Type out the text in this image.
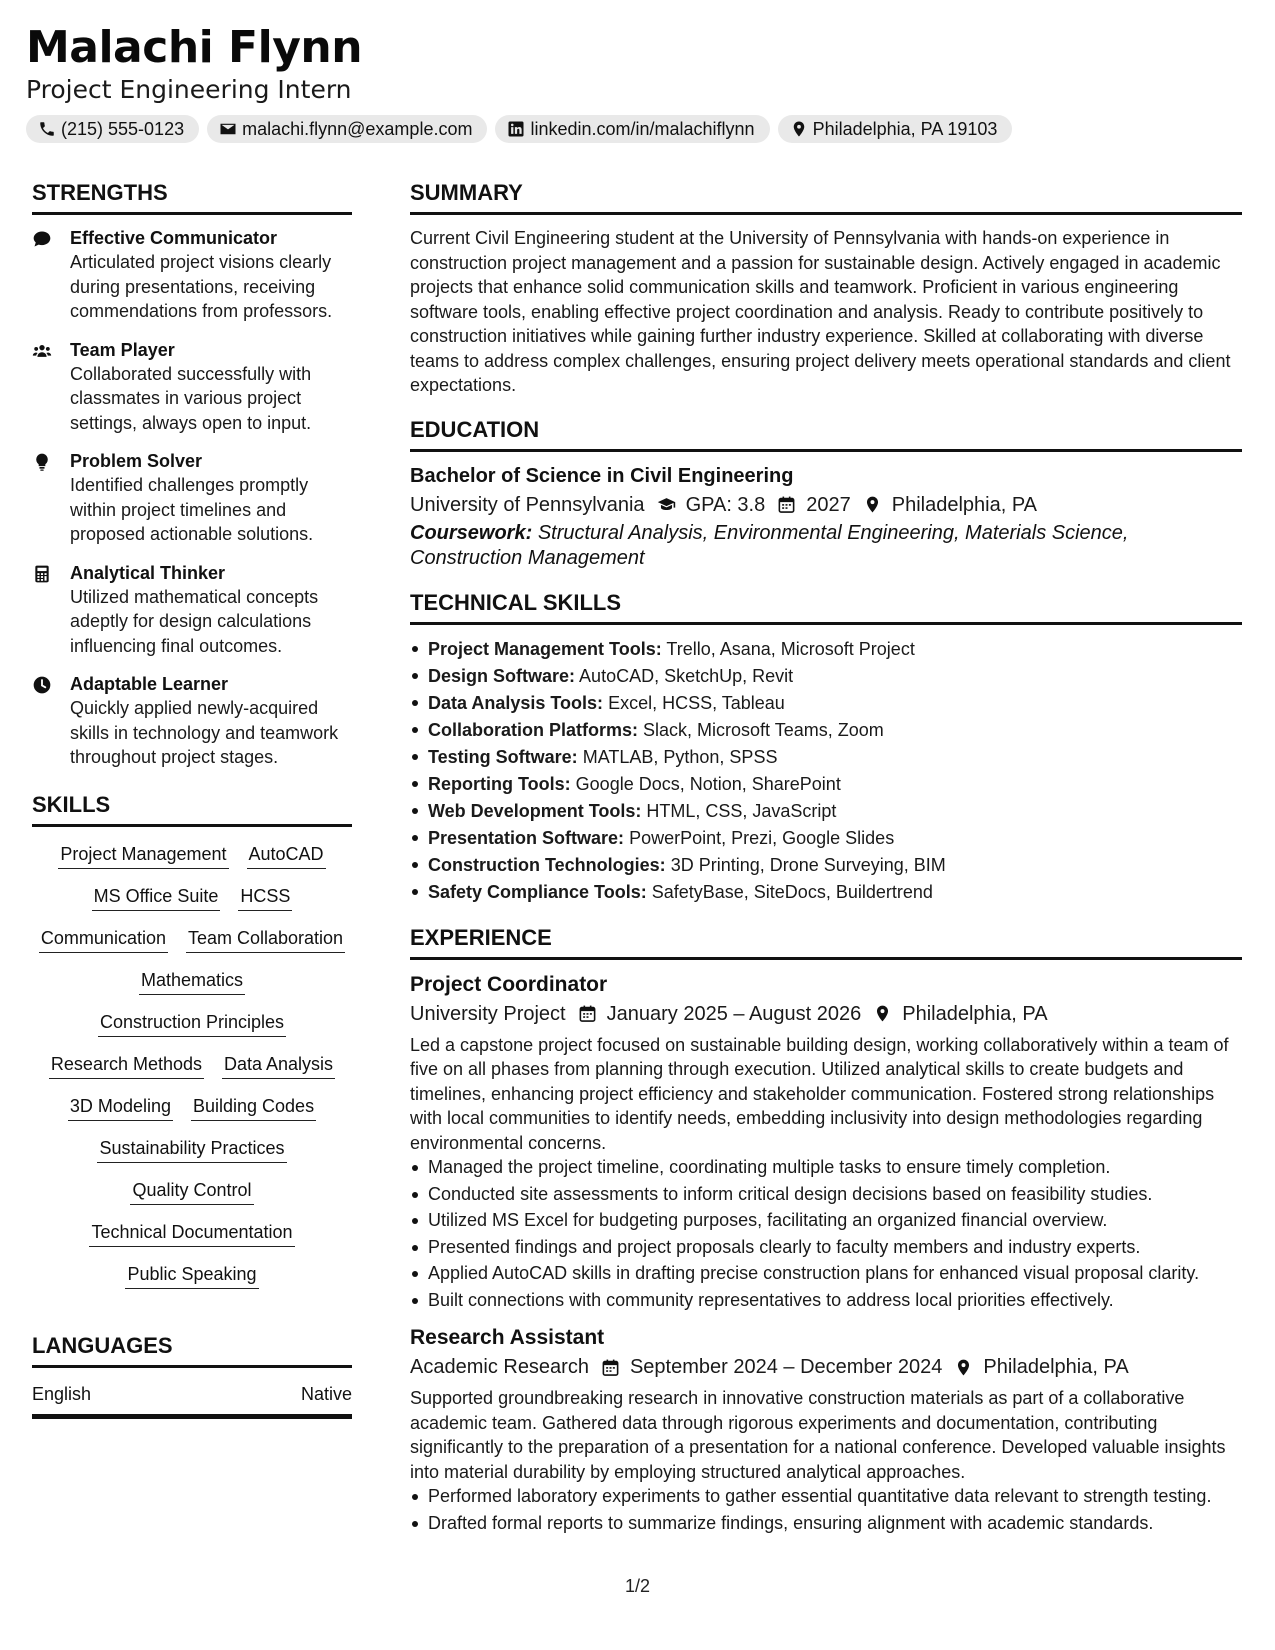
Malachi Flynn
Project Engineering Intern
(215) 555-0123	malachi.flynn@example.com	linkedin.com/in/malachiflynn	Philadelphia, PA 19103
STRENGTHS
Effective Communicator
Articulated project visions clearly during presentations, receiving commendations from professors.
Team Player
Collaborated successfully with classmates in various project settings, always open to input.
Problem Solver
Identified challenges promptly within project timelines and proposed actionable solutions.
Analytical Thinker
Utilized mathematical concepts adeptly for design calculations influencing final outcomes.
Adaptable Learner
Quickly applied newly-acquired skills in technology and teamwork throughout project stages.
SKILLS
Project Management AutoCAD
MS Office Suite HCSS
Communication Team Collaboration
Mathematics
Construction Principles
Research Methods Data Analysis
3D Modeling Building Codes
Sustainability Practices
Quality Control
Technical Documentation
Public Speaking
LANGUAGES
English	Native
SUMMARY
Current Civil Engineering student at the University of Pennsylvania with hands-on experience in construction project management and a passion for sustainable design. Actively engaged in academic projects that enhance solid communication skills and teamwork. Proficient in various engineering software tools, enabling effective project coordination and analysis. Ready to contribute positively to construction initiatives while gaining further industry experience. Skilled at collaborating with diverse teams to address complex challenges, ensuring project delivery meets operational standards and client expectations.
EDUCATION
Bachelor of Science in Civil Engineering
University of Pennsylvania GPA: 3.8 2027 Philadelphia, PA
Coursework: Structural Analysis, Environmental Engineering, Materials Science, Construction Management
TECHNICAL SKILLS
Project Management Tools: Trello, Asana, Microsoft Project
Design Software: AutoCAD, SketchUp, Revit
Data Analysis Tools: Excel, HCSS, Tableau
Collaboration Platforms: Slack, Microsoft Teams, Zoom
Testing Software: MATLAB, Python, SPSS
Reporting Tools: Google Docs, Notion, SharePoint
Web Development Tools: HTML, CSS, JavaScript
Presentation Software: PowerPoint, Prezi, Google Slides
Construction Technologies: 3D Printing, Drone Surveying, BIM
Safety Compliance Tools: SafetyBase, SiteDocs, Buildertrend
EXPERIENCE
Project Coordinator
University Project January 2025 – August 2026 Philadelphia, PA
Led a capstone project focused on sustainable building design, working collaboratively within a team of five on all phases from planning through execution. Utilized analytical skills to create budgets and timelines, enhancing project efficiency and stakeholder communication. Fostered strong relationships with local communities to identify needs, embedding inclusivity into design methodologies regarding environmental concerns.
Managed the project timeline, coordinating multiple tasks to ensure timely completion.
Conducted site assessments to inform critical design decisions based on feasibility studies.
Utilized MS Excel for budgeting purposes, facilitating an organized financial overview.
Presented findings and project proposals clearly to faculty members and industry experts.
Applied AutoCAD skills in drafting precise construction plans for enhanced visual proposal clarity.
Built connections with community representatives to address local priorities effectively.
Research Assistant
Academic Research September 2024 – December 2024 Philadelphia, PA
Supported groundbreaking research in innovative construction materials as part of a collaborative academic team. Gathered data through rigorous experiments and documentation, contributing significantly to the preparation of a presentation for a national conference. Developed valuable insights into material durability by employing structured analytical approaches.
Performed laboratory experiments to gather essential quantitative data relevant to strength testing.
Drafted formal reports to summarize findings, ensuring alignment with academic standards.
1/2
